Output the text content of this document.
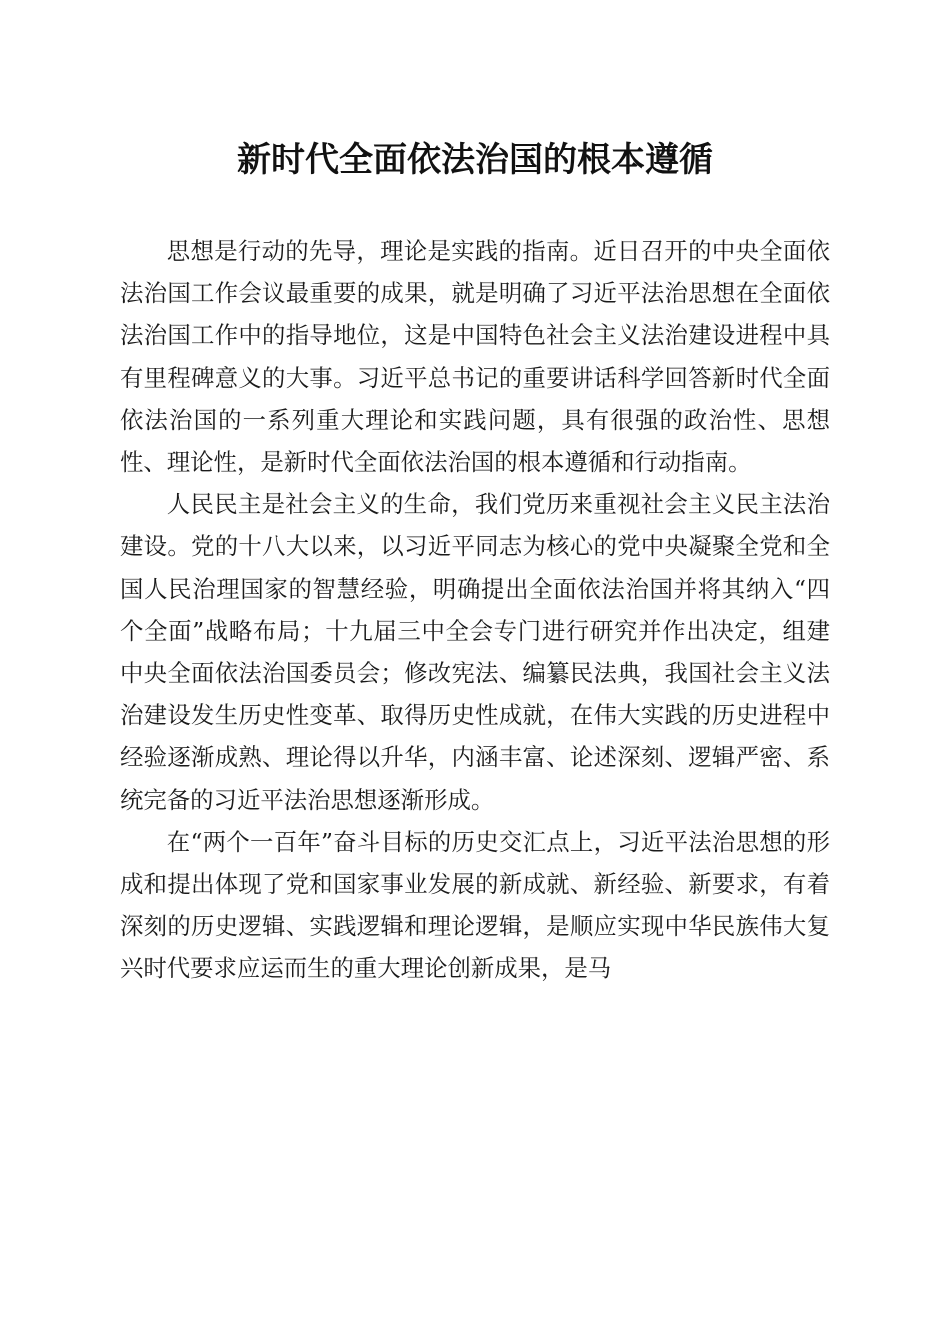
新时代全面依法治国的根本遵循

思想是行动的先导，理论是实践的指南。近日召开的中央全面依法治国工作会议最重要的成果，就是明确了习近平法治思想在全面依法治国工作中的指导地位，这是中国特色社会主义法治建设进程中具有里程碑意义的大事。习近平总书记的重要讲话科学回答新时代全面依法治国的一系列重大理论和实践问题，具有很强的政治性、思想性、理论性，是新时代全面依法治国的根本遵循和行动指南。

人民民主是社会主义的生命，我们党历来重视社会主义民主法治建设。党的十八大以来，以习近平同志为核心的党中央凝聚全党和全国人民治理国家的智慧经验，明确提出全面依法治国并将其纳入“四个全面”战略布局；十九届三中全会专门进行研究并作出决定，组建中央全面依法治国委员会；修改宪法、编纂民法典，我国社会主义法治建设发生历史性变革、取得历史性成就，在伟大实践的历史进程中经验逐渐成熟、理论得以升华，内涵丰富、论述深刻、逻辑严密、系统完备的习近平法治思想逐渐形成。

在“两个一百年”奋斗目标的历史交汇点上，习近平法治思想的形成和提出体现了党和国家事业发展的新成就、新经验、新要求，有着深刻的历史逻辑、实践逻辑和理论逻辑，是顺应实现中华民族伟大复兴时代要求应运而生的重大理论创新成果，是马
